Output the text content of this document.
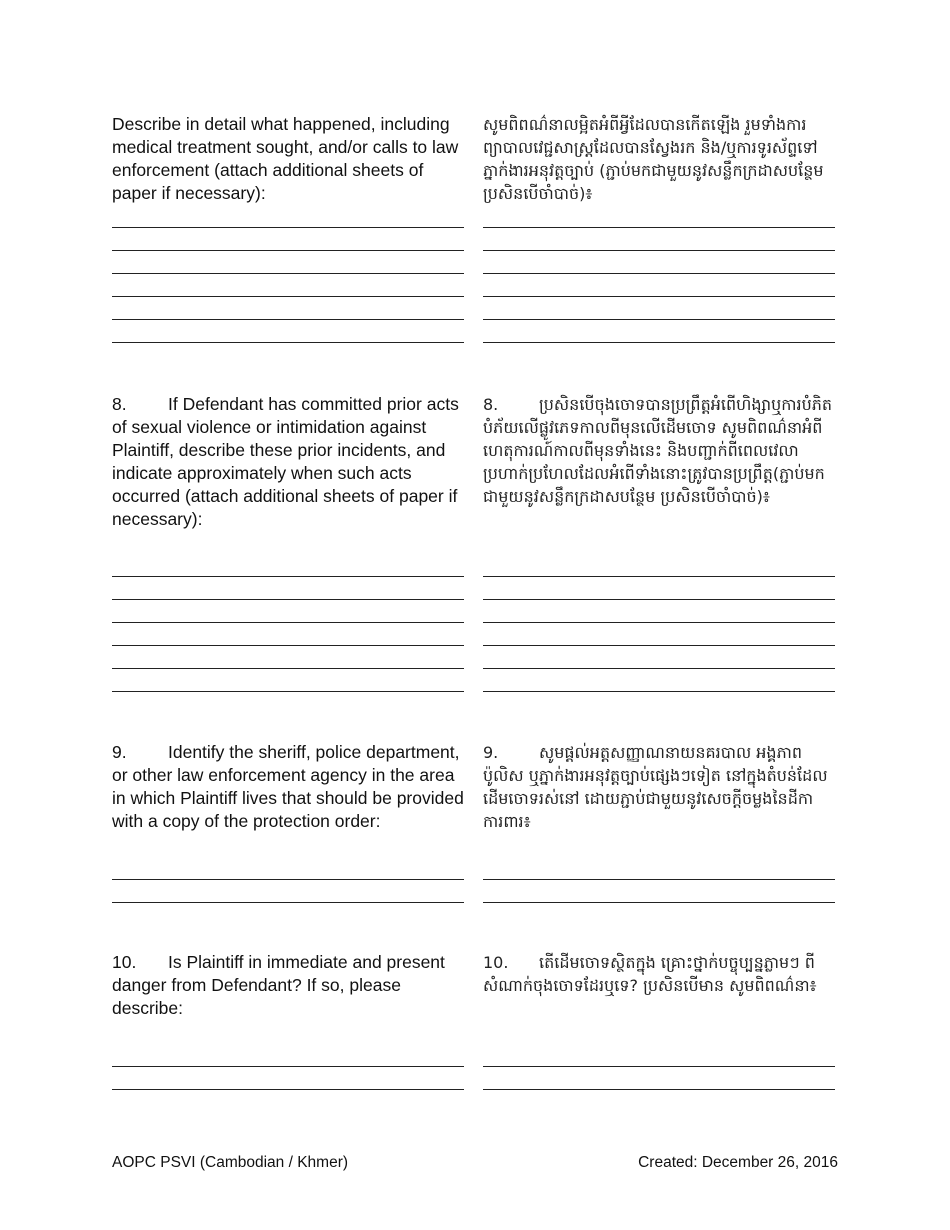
Describe in detail what happened, including medical treatment sought, and/or calls to law enforcement (attach additional sheets of paper if necessary):
សូមពិពណ៌នាលម្អិតអំពីអ្វីដែលបានកើតឡើង រួមទាំងការព្យាបាលវេជ្ជសាស្ត្រដែលបានស្វែងរក និង/ឬការទូរស័ព្ទទៅភ្នាក់ងារអនុវត្តច្បាប់ (ភ្ជាប់មកជាមួយនូវសន្លឹកក្រដាសបន្ថែម ប្រសិនបើចាំបាច់)៖
8. If Defendant has committed prior acts of sexual violence or intimidation against Plaintiff, describe these prior incidents, and indicate approximately when such acts occurred (attach additional sheets of paper if necessary):
8.	ប្រសិនបើចុងចោទបានប្រព្រឹត្តអំពើហិង្សាឬការបំភិតបំភ័យលើផ្លូវភេទកាលពីមុនលើដើមចោទ សូមពិពណ៌នាអំពីហេតុការណ៍កាលពីមុនទាំងនេះ និងបញ្ជាក់ពីពេលវេលាប្រហាក់ប្រហែលដែលអំពើទាំងនោះត្រូវបានប្រព្រឹត្ត(ភ្ជាប់មកជាមួយនូវសន្លឹកក្រដាសបន្ថែម ប្រសិនបើចាំបាច់)៖
9. Identify the sheriff, police department, or other law enforcement agency in the area in which Plaintiff lives that should be provided with a copy of the protection order:
9.	សូមផ្តល់អត្តសញ្ញាណនាយនគរបាល អង្គភាពប៉ូលិស ឬភ្នាក់ងារអនុវត្តច្បាប់ផ្សេងៗទៀត នៅក្នុងតំបន់ដែលដើមចោទរស់នៅ ដោយភ្ជាប់ជាមួយនូវសេចក្តីចម្លងនៃដីកាការពារ៖
10. Is Plaintiff in immediate and present danger from Defendant? If so, please describe:
10. តើដើមចោទស្ថិតក្នុង គ្រោះថ្នាក់បច្ចុប្បន្នភ្លាមៗ ពីសំណាក់ចុងចោទដែរឬទេ? ប្រសិនបើមាន សូមពិពណ៌នា៖
AOPC PSVI (Cambodian / Khmer)	Created: December 26, 2016
